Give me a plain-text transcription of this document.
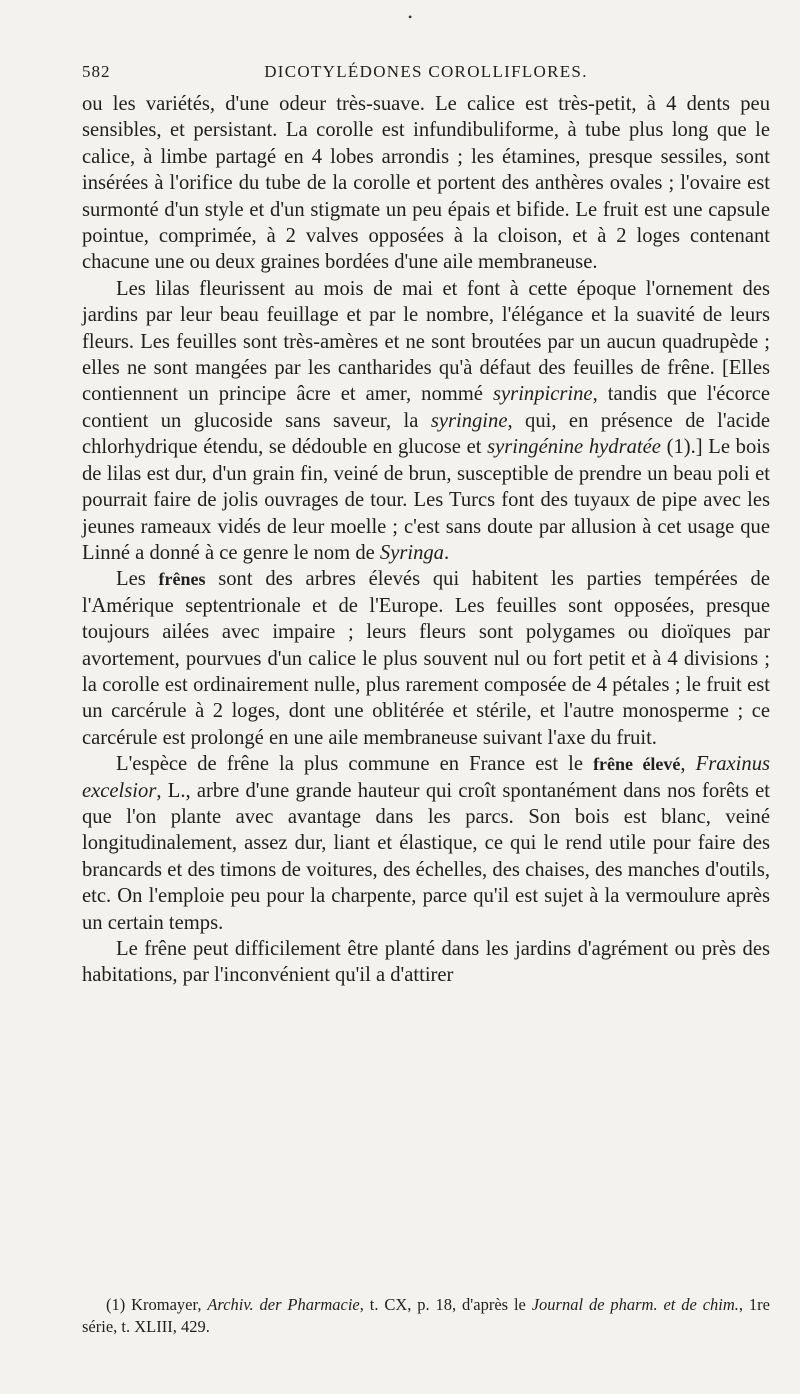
•
582	DICOTYLÉDONES COROLLIFLORES.

ou les variétés, d'une odeur très-suave. Le calice est très-petit, à 4 dents peu sensibles, et persistant. La corolle est infundibuliforme, à tube plus long que le calice, à limbe partagé en 4 lobes arrondis ; les étamines, presque sessiles, sont insérées à l'orifice du tube de la corolle et portent des anthères ovales ; l'ovaire est surmonté d'un style et d'un stigmate un peu épais et bifide. Le fruit est une capsule pointue, comprimée, à 2 valves opposées à la cloison, et à 2 loges contenant chacune une ou deux graines bordées d'une aile membraneuse.

Les lilas fleurissent au mois de mai et font à cette époque l'ornement des jardins par leur beau feuillage et par le nombre, l'élégance et la suavité de leurs fleurs. Les feuilles sont très-amères et ne sont broutées par un aucun quadrupède ; elles ne sont mangées par les cantharides qu'à défaut des feuilles de frêne. [Elles contiennent un principe âcre et amer, nommé syrinpicrine, tandis que l'écorce contient un glucoside sans saveur, la syringine, qui, en présence de l'acide chlorhydrique étendu, se dédouble en glucose et syringénine hydratée (1).] Le bois de lilas est dur, d'un grain fin, veiné de brun, susceptible de prendre un beau poli et pourrait faire de jolis ouvrages de tour. Les Turcs font des tuyaux de pipe avec les jeunes rameaux vidés de leur moelle ; c'est sans doute par allusion à cet usage que Linné a donné à ce genre le nom de Syringa.

Les frênes sont des arbres élevés qui habitent les parties tempérées de l'Amérique septentrionale et de l'Europe. Les feuilles sont opposées, presque toujours ailées avec impaire ; leurs fleurs sont polygames ou dioïques par avortement, pourvues d'un calice le plus souvent nul ou fort petit et à 4 divisions ; la corolle est ordinairement nulle, plus rarement composée de 4 pétales ; le fruit est un carcérule à 2 loges, dont une oblitérée et stérile, et l'autre monosperme ; ce carcérule est prolongé en une aile membraneuse suivant l'axe du fruit.

L'espèce de frêne la plus commune en France est le frêne élevé, Fraxinus excelsior, L., arbre d'une grande hauteur qui croît spontanément dans nos forêts et que l'on plante avec avantage dans les parcs. Son bois est blanc, veiné longitudinalement, assez dur, liant et élastique, ce qui le rend utile pour faire des brancards et des timons de voitures, des échelles, des chaises, des manches d'outils, etc. On l'emploie peu pour la charpente, parce qu'il est sujet à la vermoulure après un certain temps.

Le frêne peut difficilement être planté dans les jardins d'agrément ou près des habitations, par l'inconvénient qu'il a d'attirer

(1) Kromayer, Archiv. der Pharmacie, t. CX, p. 18, d'après le Journal de pharm. et de chim., 1re série, t. XLIII, 429.
